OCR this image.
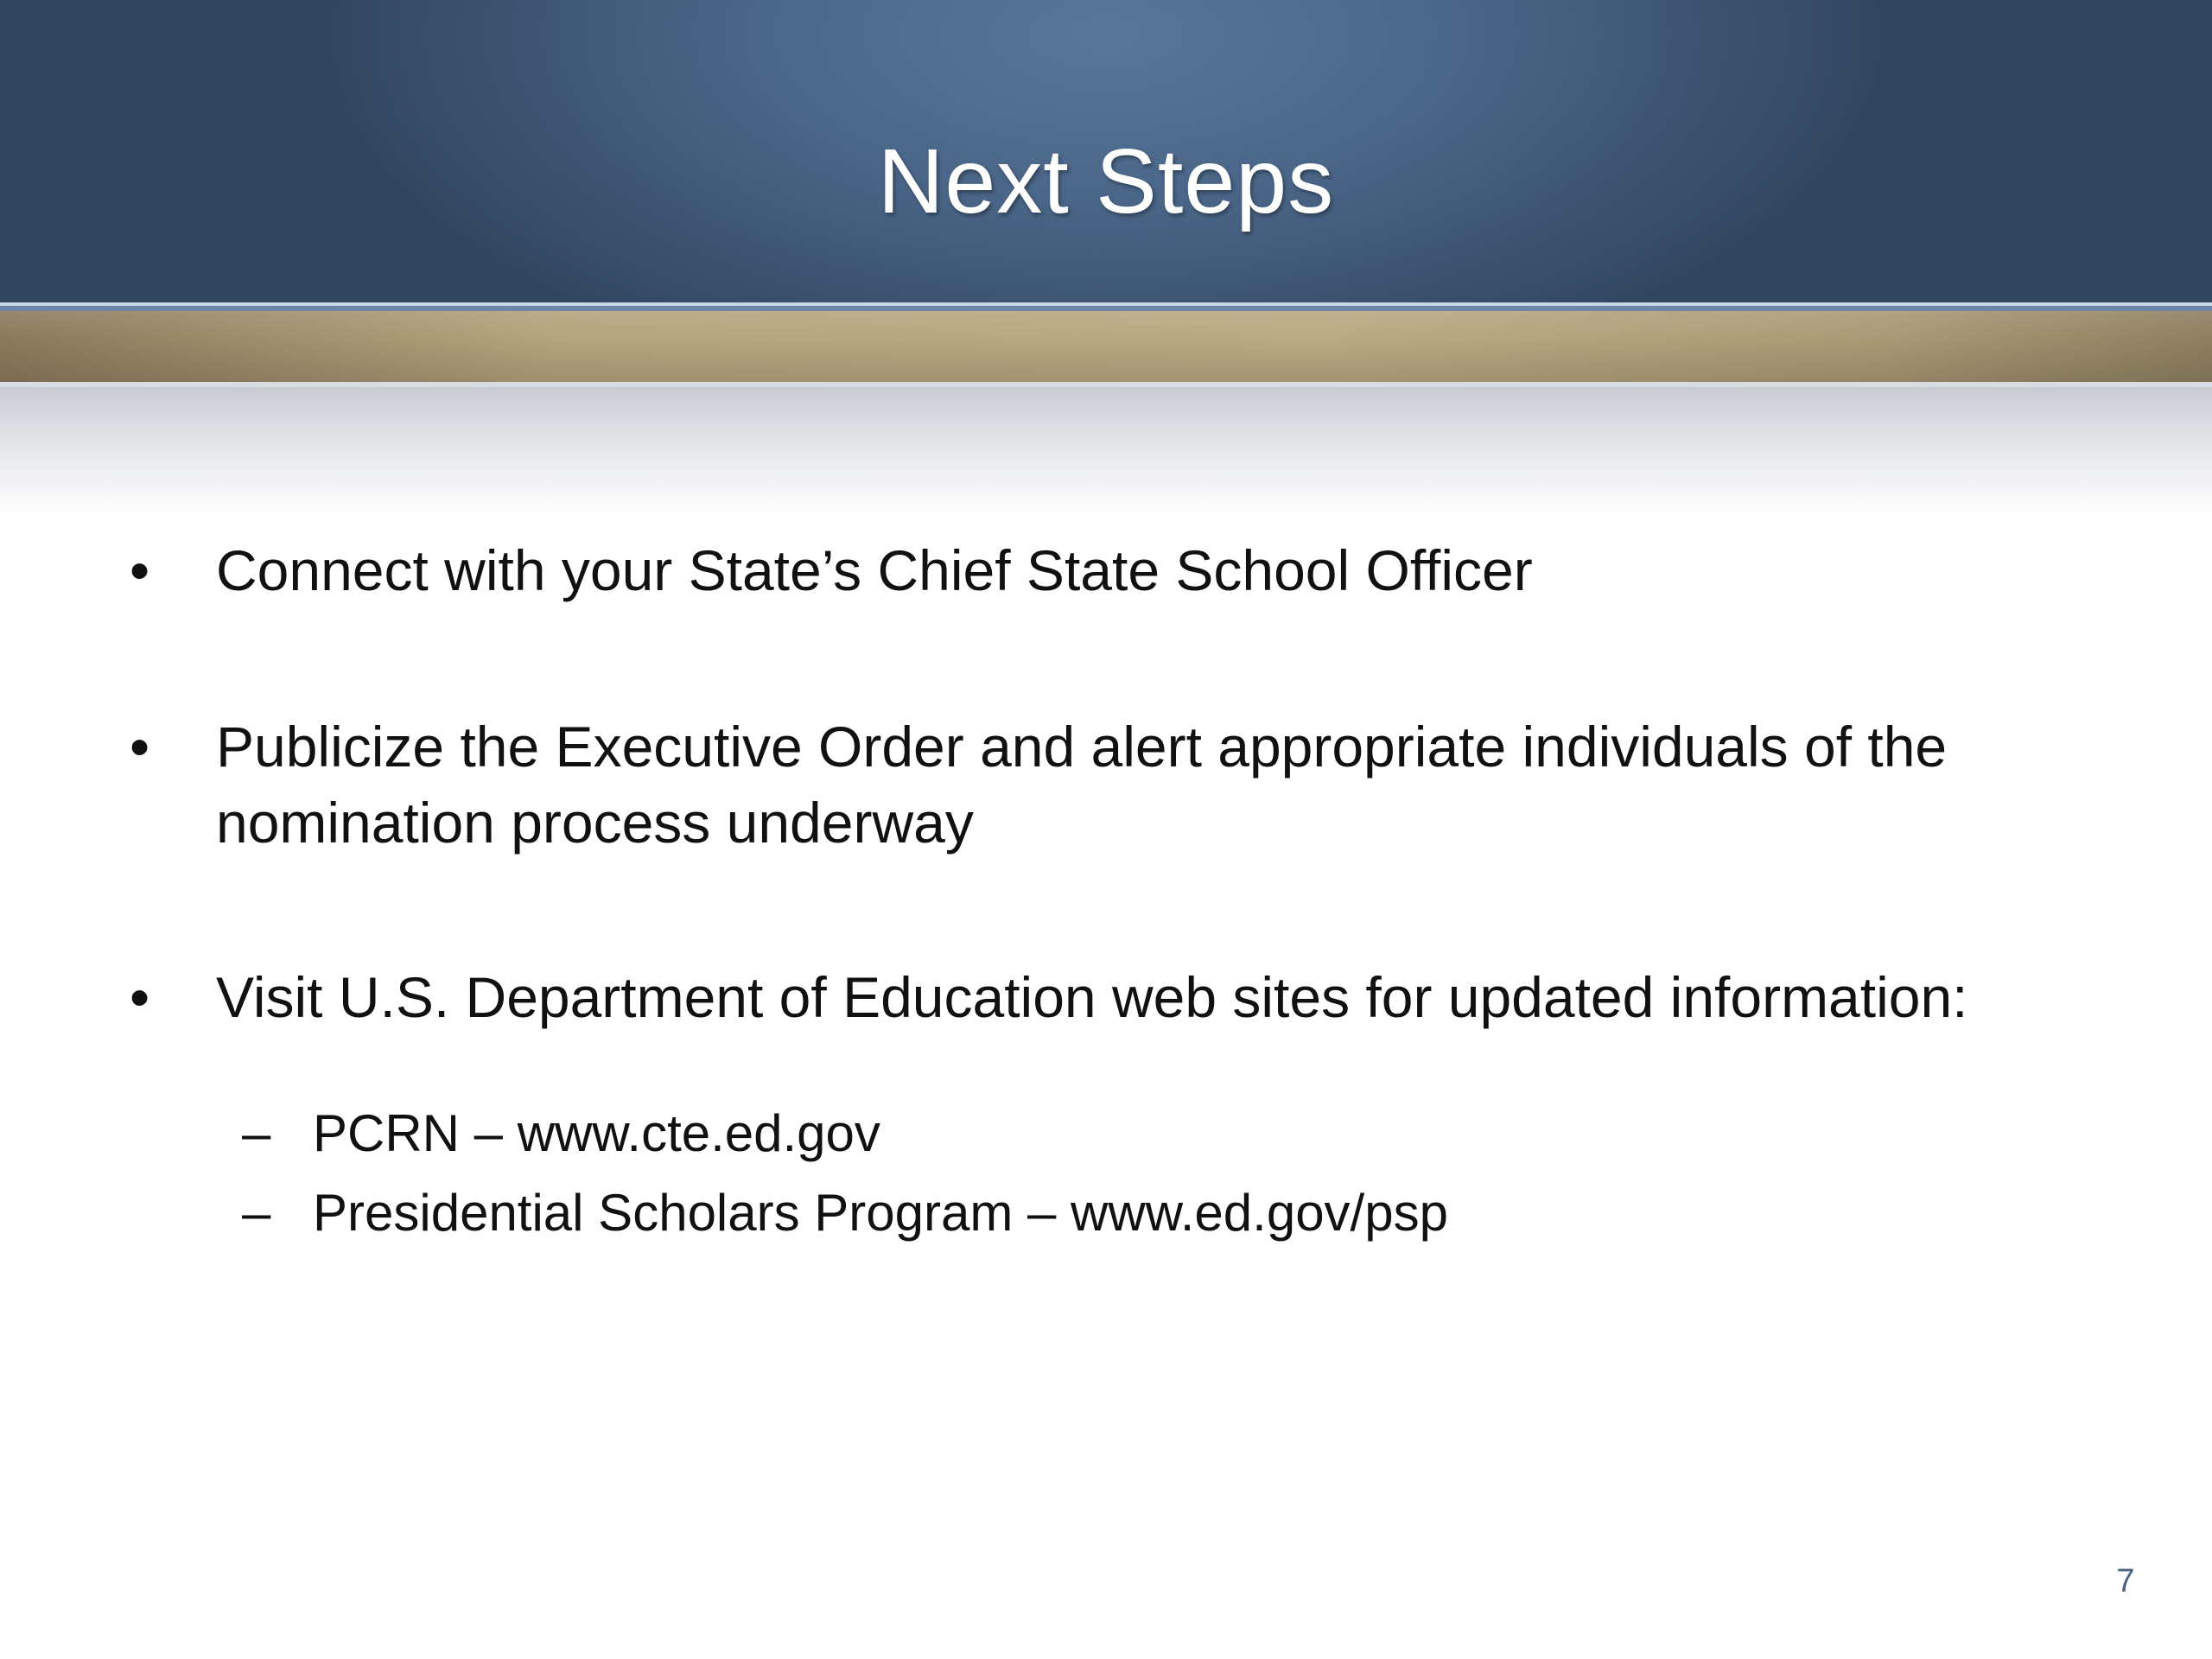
Next Steps
•	Connect with your State’s Chief State School Officer
•	Publicize the Executive Order and alert appropriate individuals of the nomination process underway
•	Visit U.S. Department of Education web sites for updated information:
– PCRN – www.cte.ed.gov
– Presidential Scholars Program – www.ed.gov/psp
7
